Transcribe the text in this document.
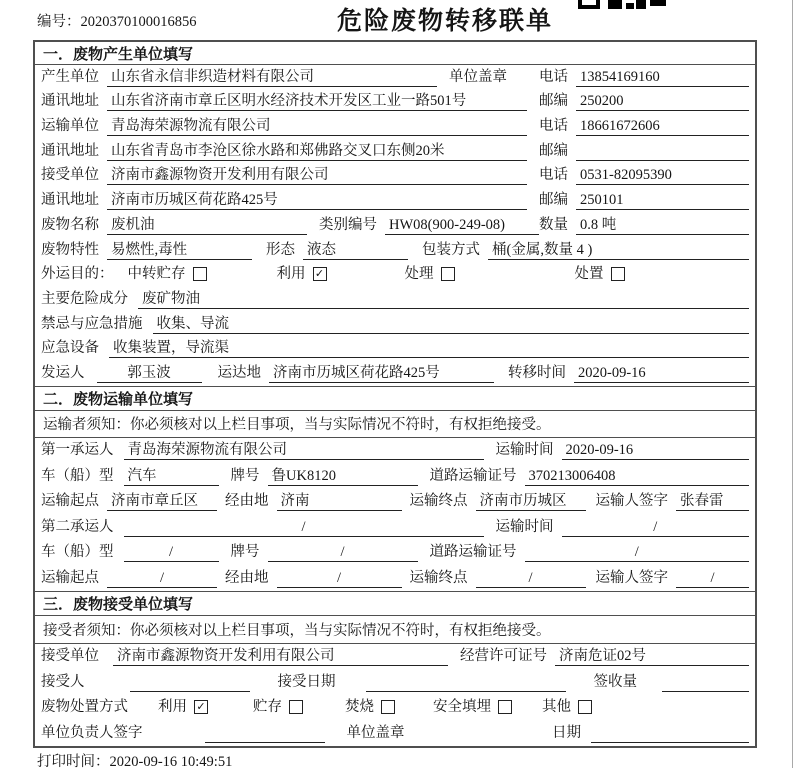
编号：2020370100016856	危险废物转移联单
一．废物产生单位填写
产生单位 山东省永信非织造材料有限公司	单位盖章 电话 13854169160
通讯地址 山东省济南市章丘区明水经济技术开发区工业一路501号	邮编 250200
运输单位 青岛海荣源物流有限公司	电话 18661672606
通讯地址 山东省青岛市李沧区徐水路和郑佛路交叉口东侧20米	邮编
接受单位 济南市鑫源物资开发利用有限公司	电话 0531-82095390
通讯地址 济南市历城区荷花路425号	邮编 250101
废物名称 废机油	类别编号 HW08(900-249-08)	数量 0.8 吨
废物特性 易燃性,毒性	形态 液态	包装方式 桶(金属,数量 4 )
外运目的： 中转贮存	利用 ✓	处理	处置
主要危险成分 废矿物油
禁忌与应急措施 收集、导流
应急设备 收集装置，导流渠
发运人	郭玉波	运达地 济南市历城区荷花路425号	转移时间 2020-09-16
二．废物运输单位填写
运输者须知：你必须核对以上栏目事项，当与实际情况不符时，有权拒绝接受。
第一承运人 青岛海荣源物流有限公司	运输时间 2020-09-16
车（船）型 汽车	牌号 鲁UK8120	道路运输证号 370213006408
运输起点 济南市章丘区	经由地 济南	运输终点 济南市历城区	运输人签字 张春雷
第二承运人	/	运输时间	/
车（船）型	/	牌号	/	道路运输证号	/
运输起点	/	经由地	/	运输终点	/	运输人签字	/
三．废物接受单位填写
接受者须知：你必须核对以上栏目事项，当与实际情况不符时，有权拒绝接受。
接受单位 济南市鑫源物资开发利用有限公司	经营许可证号 济南危证02号
接受人	接受日期	签收量
废物处置方式 利用 ✓	贮存	焚烧	安全填埋	其他
单位负责人签字	单位盖章	日期
打印时间：2020-09-16 10:49:51
